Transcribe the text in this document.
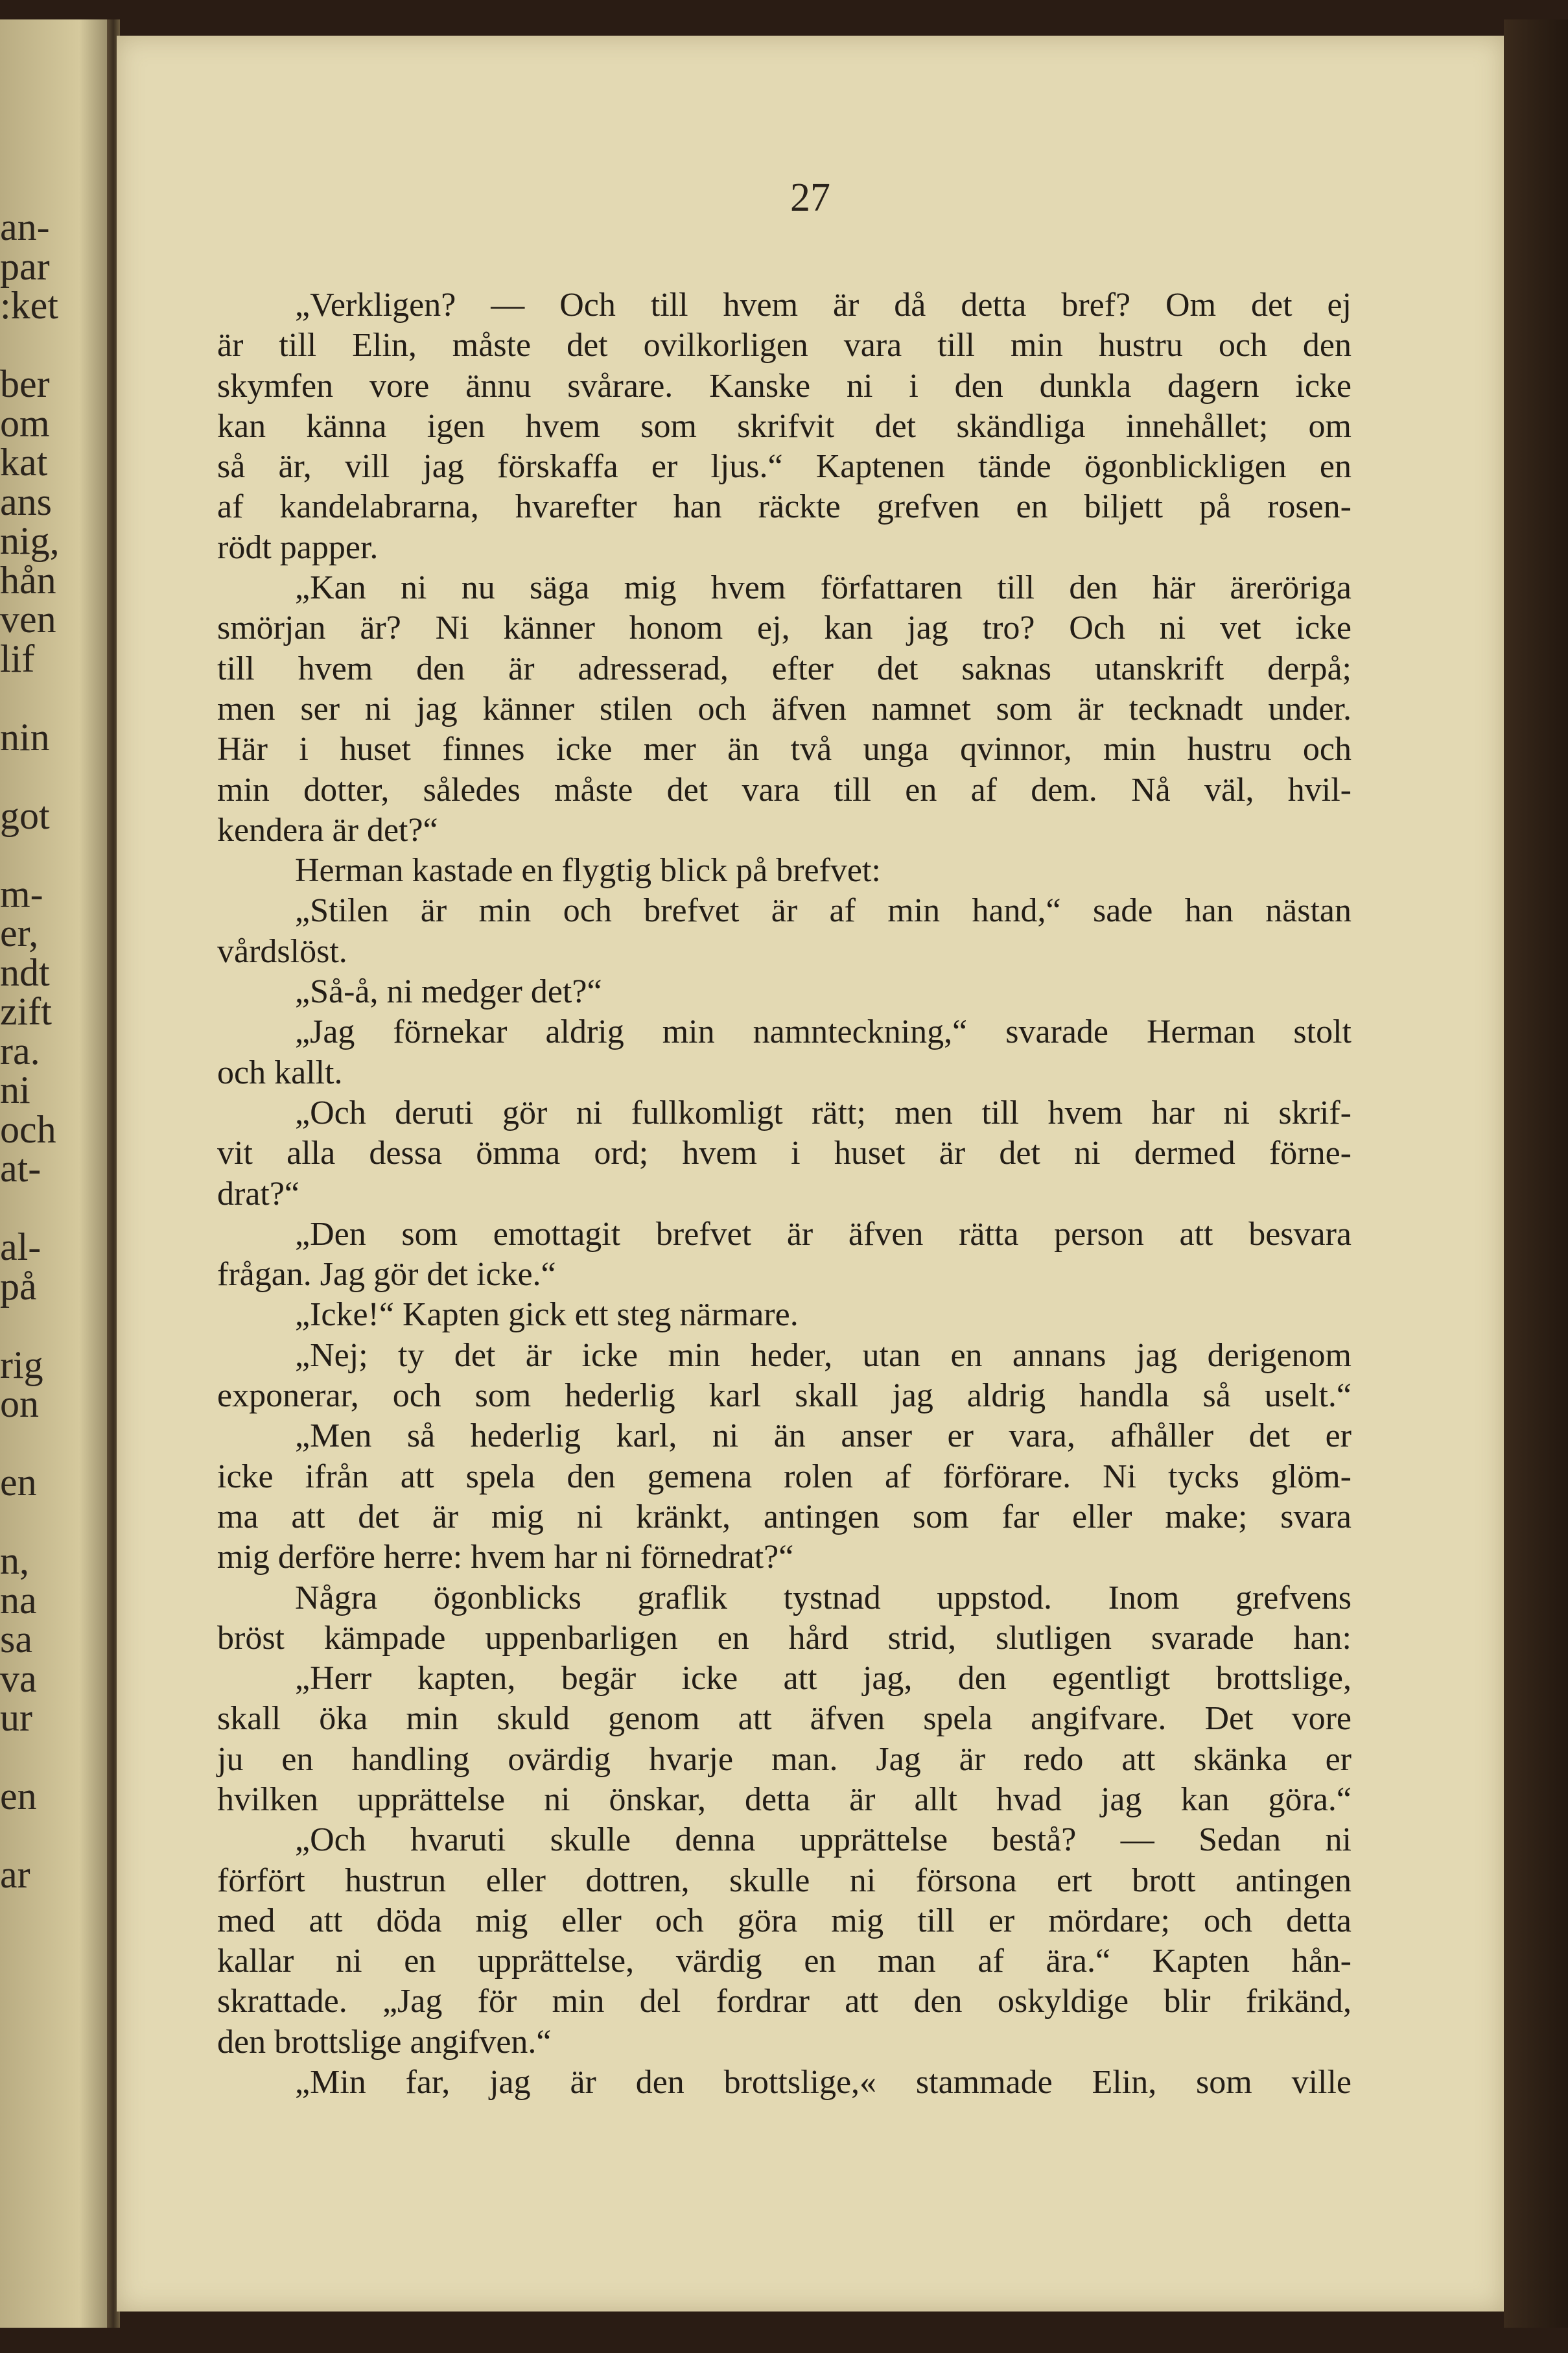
an-
par
:ket
ber
om
kat
ans
nig,
hån
ven
lif
nin
got
m-
er,
ndt
zift
ra.
ni
och
at-
al-
på
rig
on
en
n,
na
sa
va
ur
en
ar
27
„Verkligen? — Och till hvem är då detta bref? Om det ej
är till Elin, måste det ovilkorligen vara till min hustru och den
skymfen vore ännu svårare. Kanske ni i den dunkla dagern icke
kan känna igen hvem som skrifvit det skändliga innehållet; om
så är, vill jag förskaffa er ljus.“ Kaptenen tände ögonblickligen en
af kandelabrarna, hvarefter han räckte grefven en biljett på rosen-
rödt papper.
„Kan ni nu säga mig hvem författaren till den här äreröriga
smörjan är? Ni känner honom ej, kan jag tro? Och ni vet icke
till hvem den är adresserad, efter det saknas utanskrift derpå;
men ser ni jag känner stilen och äfven namnet som är tecknadt under.
Här i huset finnes icke mer än två unga qvinnor, min hustru och
min dotter, således måste det vara till en af dem. Nå väl, hvil-
kendera är det?“
Herman kastade en flygtig blick på brefvet:
„Stilen är min och brefvet är af min hand,“ sade han nästan
vårdslöst.
„Så-å, ni medger det?“
„Jag förnekar aldrig min namnteckning,“ svarade Herman stolt
och kallt.
„Och deruti gör ni fullkomligt rätt; men till hvem har ni skrif-
vit alla dessa ömma ord; hvem i huset är det ni dermed förne-
drat?“
„Den som emottagit brefvet är äfven rätta person att besvara
frågan. Jag gör det icke.“
„Icke!“ Kapten gick ett steg närmare.
„Nej; ty det är icke min heder, utan en annans jag derigenom
exponerar, och som hederlig karl skall jag aldrig handla så uselt.“
„Men så hederlig karl, ni än anser er vara, afhåller det er
icke ifrån att spela den gemena rolen af förförare. Ni tycks glöm-
ma att det är mig ni kränkt, antingen som far eller make; svara
mig derföre herre: hvem har ni förnedrat?“
Några ögonblicks graflik tystnad uppstod. Inom grefvens
bröst kämpade uppenbarligen en hård strid, slutligen svarade han:
„Herr kapten, begär icke att jag, den egentligt brottslige,
skall öka min skuld genom att äfven spela angifvare. Det vore
ju en handling ovärdig hvarje man. Jag är redo att skänka er
hvilken upprättelse ni önskar, detta är allt hvad jag kan göra.“
„Och hvaruti skulle denna upprättelse bestå? — Sedan ni
förfört hustrun eller dottren, skulle ni försona ert brott antingen
med att döda mig eller och göra mig till er mördare; och detta
kallar ni en upprättelse, värdig en man af ära.“ Kapten hån-
skrattade. „Jag för min del fordrar att den oskyldige blir frikänd,
den brottslige angifven.“
„Min far, jag är den brottslige,« stammade Elin, som ville
